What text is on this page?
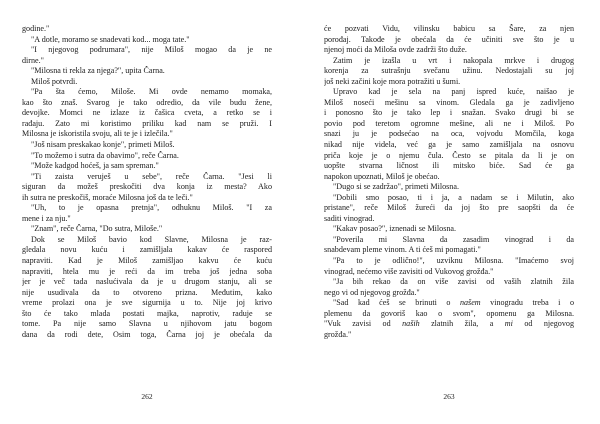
godine."
"A dotle, moramo se snadevati kod... moga tate."
"I njegovog podrumara", nije Miloš mogao da je ne
dirne."
"Milosna ti rekla za njega?", upita Čarna.
Miloš potvrdi.
"Pa šta ćemo, Miloše. Mi ovde nemamo momaka,
kao što znaš. Svarog je tako odredio, da vile budu žene,
devojke. Momci ne izlaze iz čašica cveta, a retko se i
rađaju. Zato mi koristimo priliku kad nam se pruži. I
Milosna je iskoristila svoju, ali te je i izlečila."
"Još nisam preskakao konje", primeti Miloš.
"To možemo i sutra da obavimo", reče Čarna.
"Može kadgod hoćeš, ja sam spreman."
"Ti zaista veruješ u sebe", reče Čarna. "Jesi li
siguran da možeš preskočiti dva konja iz mesta? Ako
ih sutra ne preskočiš, moraće Milosna još da te leči."
"Uh, to je opasna pretnja", odhuknu Miloš. "I za
mene i za nju."
"Znam", reče Čarna, "Do sutra, Miloše."
Dok se Miloš bavio kod Slavne, Milosna je raz-
gledala novu kuću i zamišljala kakav će raspored
napraviti. Kad je Miloš zamišljao kakvu će kuću
napraviti, htela mu je reći da im treba još jedna soba
jer je več tada naslućivala da je u drugom stanju, ali se
nije usudivala da to otvoreno prizna. Međutim, kako
vreme prolazi ona je sve sigurnija u to. Nije joj krivo
što će tako mlada postati majka, naprotiv, raduje se
tome. Pa nije samo Slavna u njihovom jatu bogom
dana da rodi dete, Osim toga, Čarna joj je obećala da
će pozvati Vidu, vilinsku babicu sa Šare, za njen
porođaj. Takođe je obećala da će učiniti sve što je u
njenoj moći da Miloša ovde zadrži što duže.
Zatim je izašla u vrt i nakopala mrkve i drugog
korenja za sutrašnju svečanu užinu. Nedostajali su joj
još neki začini koje mora potražiti u šumi.
Upravo kad je sela na panj ispred kuće, naišao je
Miloš noseći mešinu sa vinom. Gledala ga je zadivljeno
i ponosno što je tako lep i snažan. Svako drugi bi se
povio pod teretom ogromne mešine, ali ne i Miloš. Po
snazi ju je podsećao na oca, vojvodu Momčila, koga
nikad nije videla, već ga je samo zamišljala na osnovu
priča koje je o njemu čula. Često se pitala da li je on
uopšte stvarna ličnost ili mitsko biće. Sad će ga
napokon upoznati, Miloš je obećao.
"Dugo si se zadržao", primeti Milosna.
"Dobili smo posao, ti i ja, a nadam se i Milutin, ako
pristane", reče Miloš žureći da joj što pre saopšti da će
saditi vinograd.
"Kakav posao?", iznenadi se Milosna.
"Poverila mi Slavna da zasadim vinograd i da
snabdevam pleme vinom. A ti ćeš mi pomagati."
"Pa to je odlično!", uzviknu Milosna. "Imaćemo svoj
vinograd, nećemo više zavisiti od Vukovog grožđa."
"Ja bih rekao da on više zavisi od vaših zlatnih žila
nego vi od njegovog grožđa."
"Sad kad ćeš se brinuti o našem vinogradu treba i o
plemenu da govoriš kao o svom", opomenu ga Milosna.
"Vuk zavisi od naših zlatnih žila, a mi od njegovog
grožđa."
262	263
